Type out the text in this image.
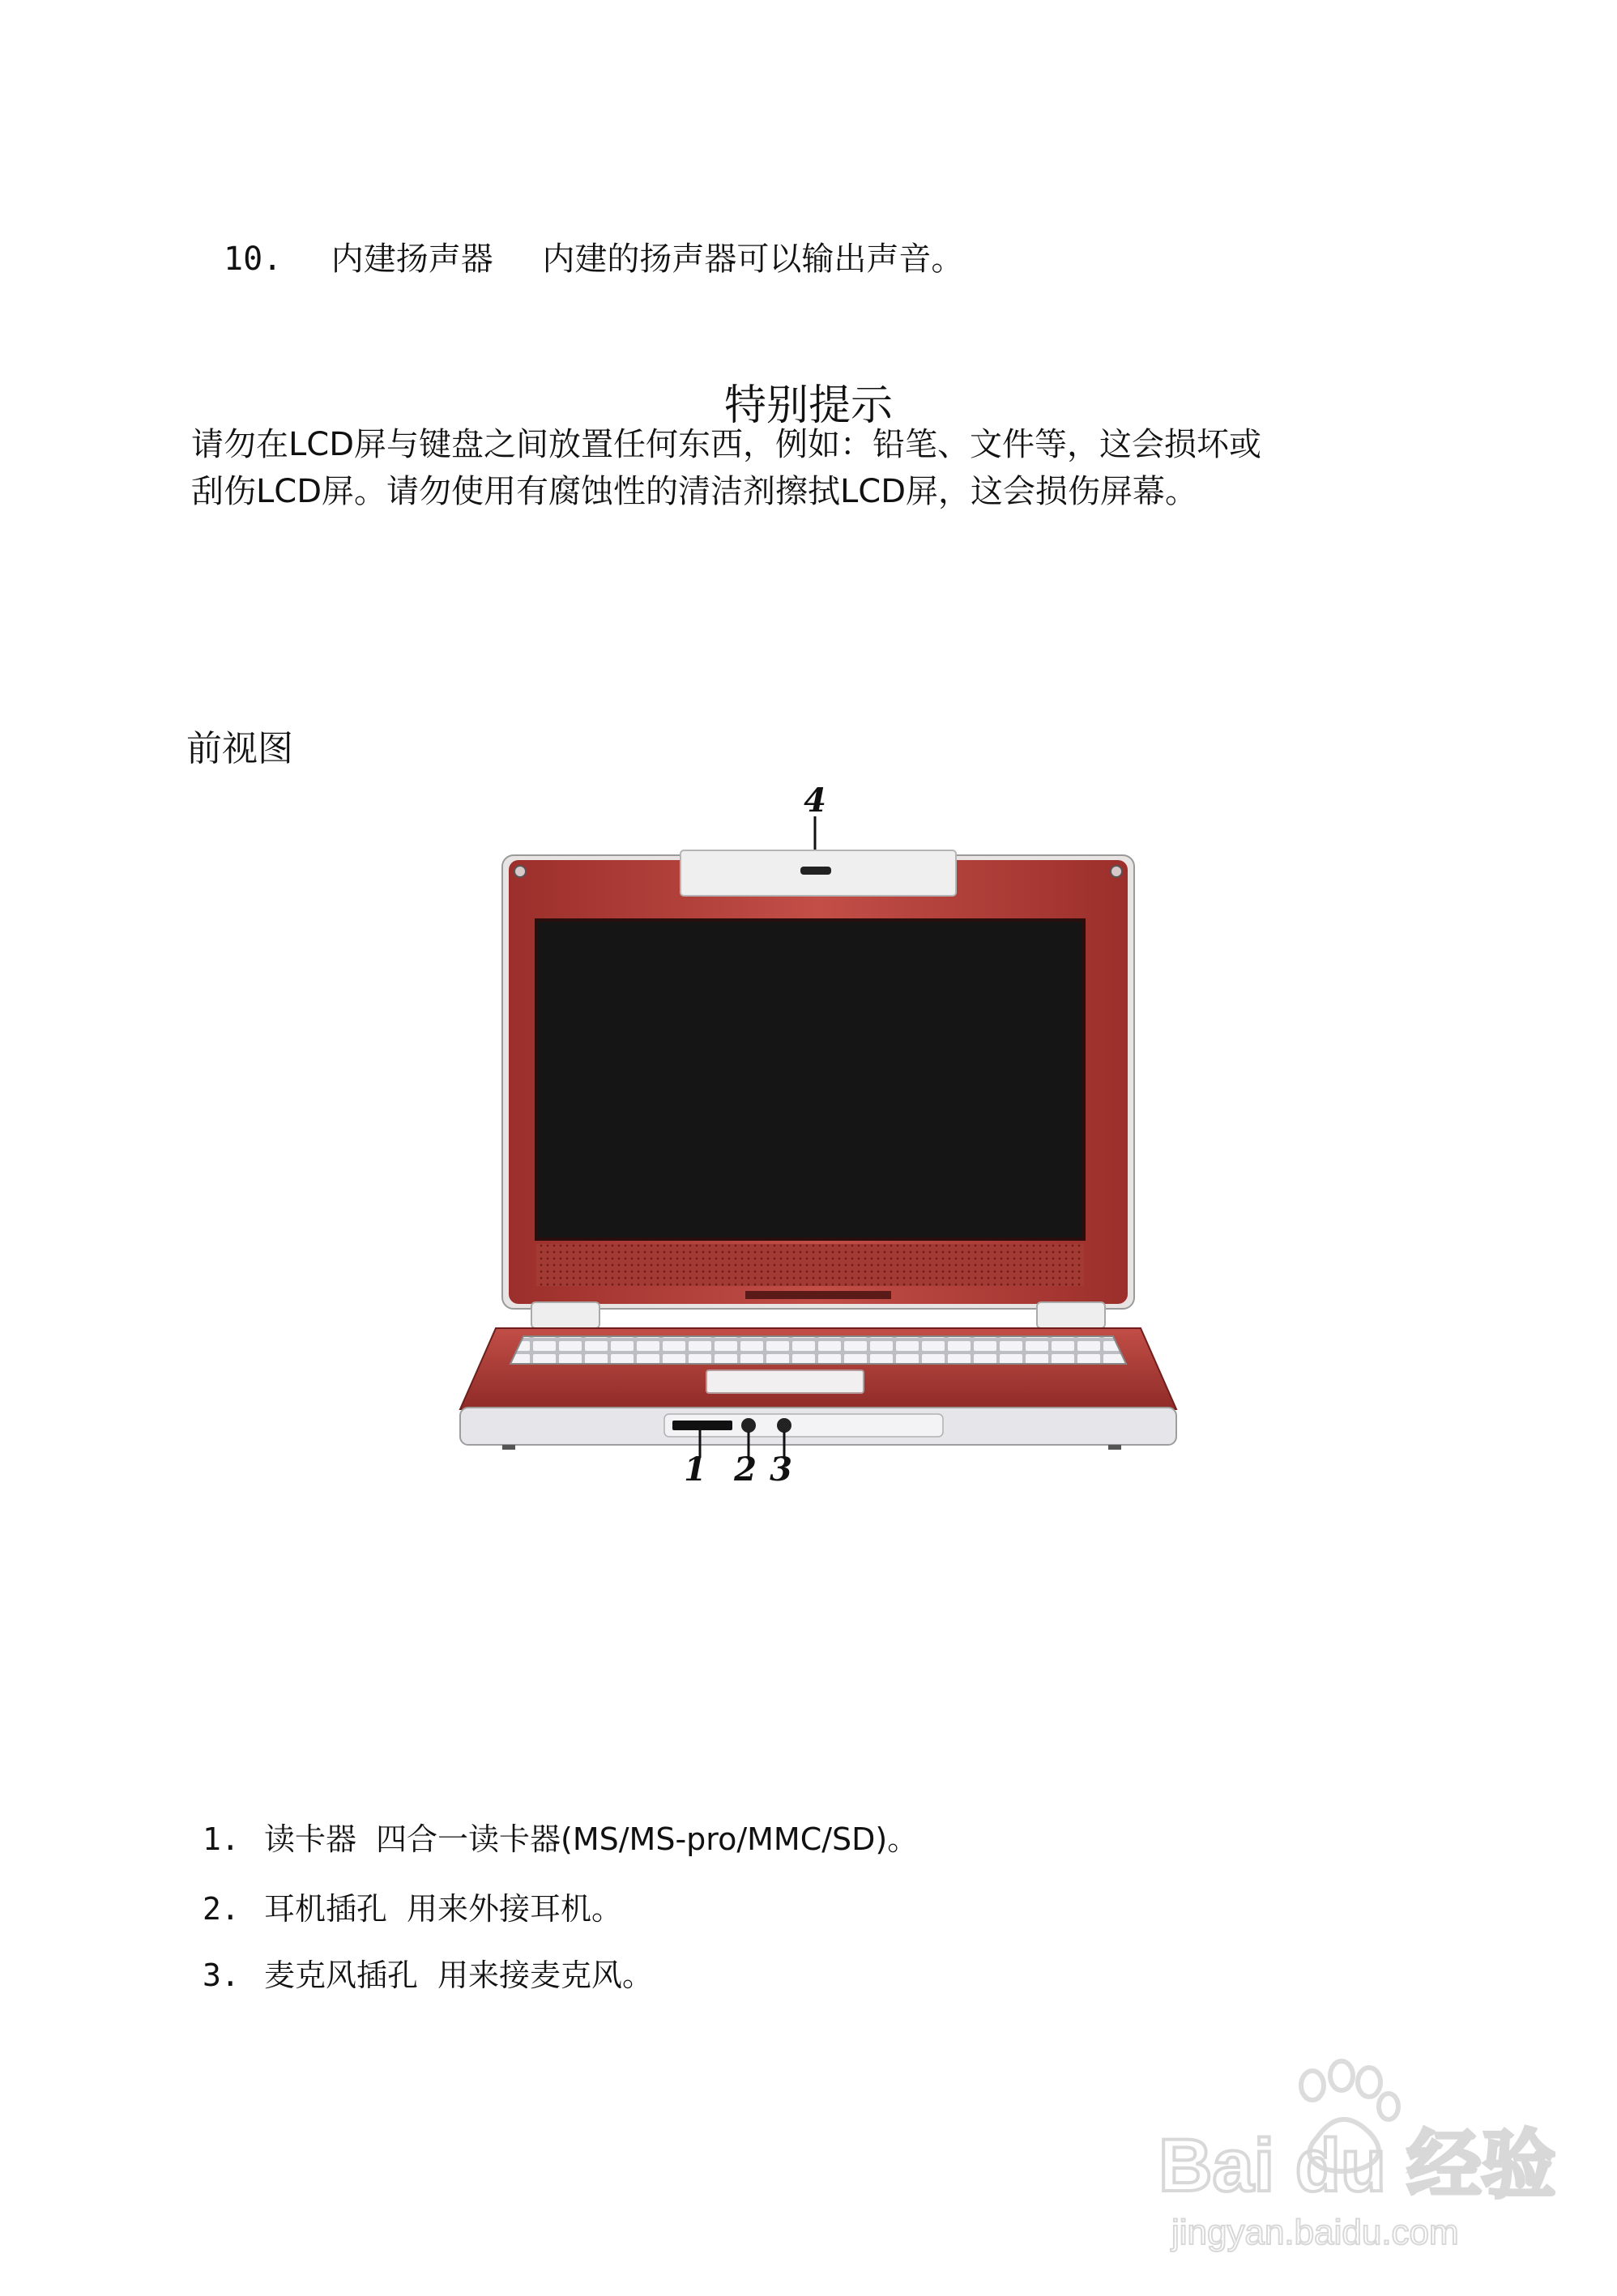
10. 内建扬声器 内建的扬声器可以输出声音。
特别提示
请勿在LCD屏与键盘之间放置任何东西，例如：铅笔、文件等，这会损坏或
刮伤LCD屏。请勿使用有腐蚀性的清洁剂擦拭LCD屏，这会损伤屏幕。
前视图
4
1 2 3
1. 读卡器 四合一读卡器(MS/MS-pro/MMC/SD)。
2. 耳机插孔 用来外接耳机。
3. 麦克风插孔 用来接麦克风。
Bai du 经验
jingyan.baidu.com
